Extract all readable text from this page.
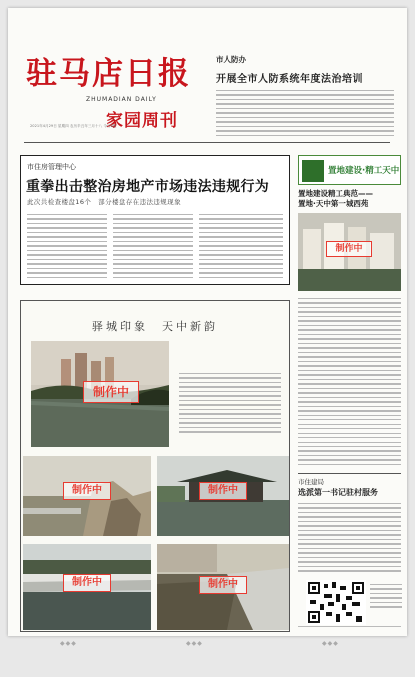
驻马店日报
ZHUMADIAN DAILY
家园周刊
2021年4月29日 星期四 农历辛丑年三月十八 今日8版
市人防办
开展全市人防系统年度法治培训
市住房管理中心
重拳出击整治房地产市场违法违规行为
此次共检查楼盘16个　部分楼盘存在违法违规现象
驿城印象　天中新韵
制作中
制作中	制作中
制作中	制作中
置地建设·精工天中
置地建设精工典范——
置地·天中第一城西苑
制作中
市住建局
选派第一书记驻村服务
◆◆◆	◆◆◆	◆◆◆
